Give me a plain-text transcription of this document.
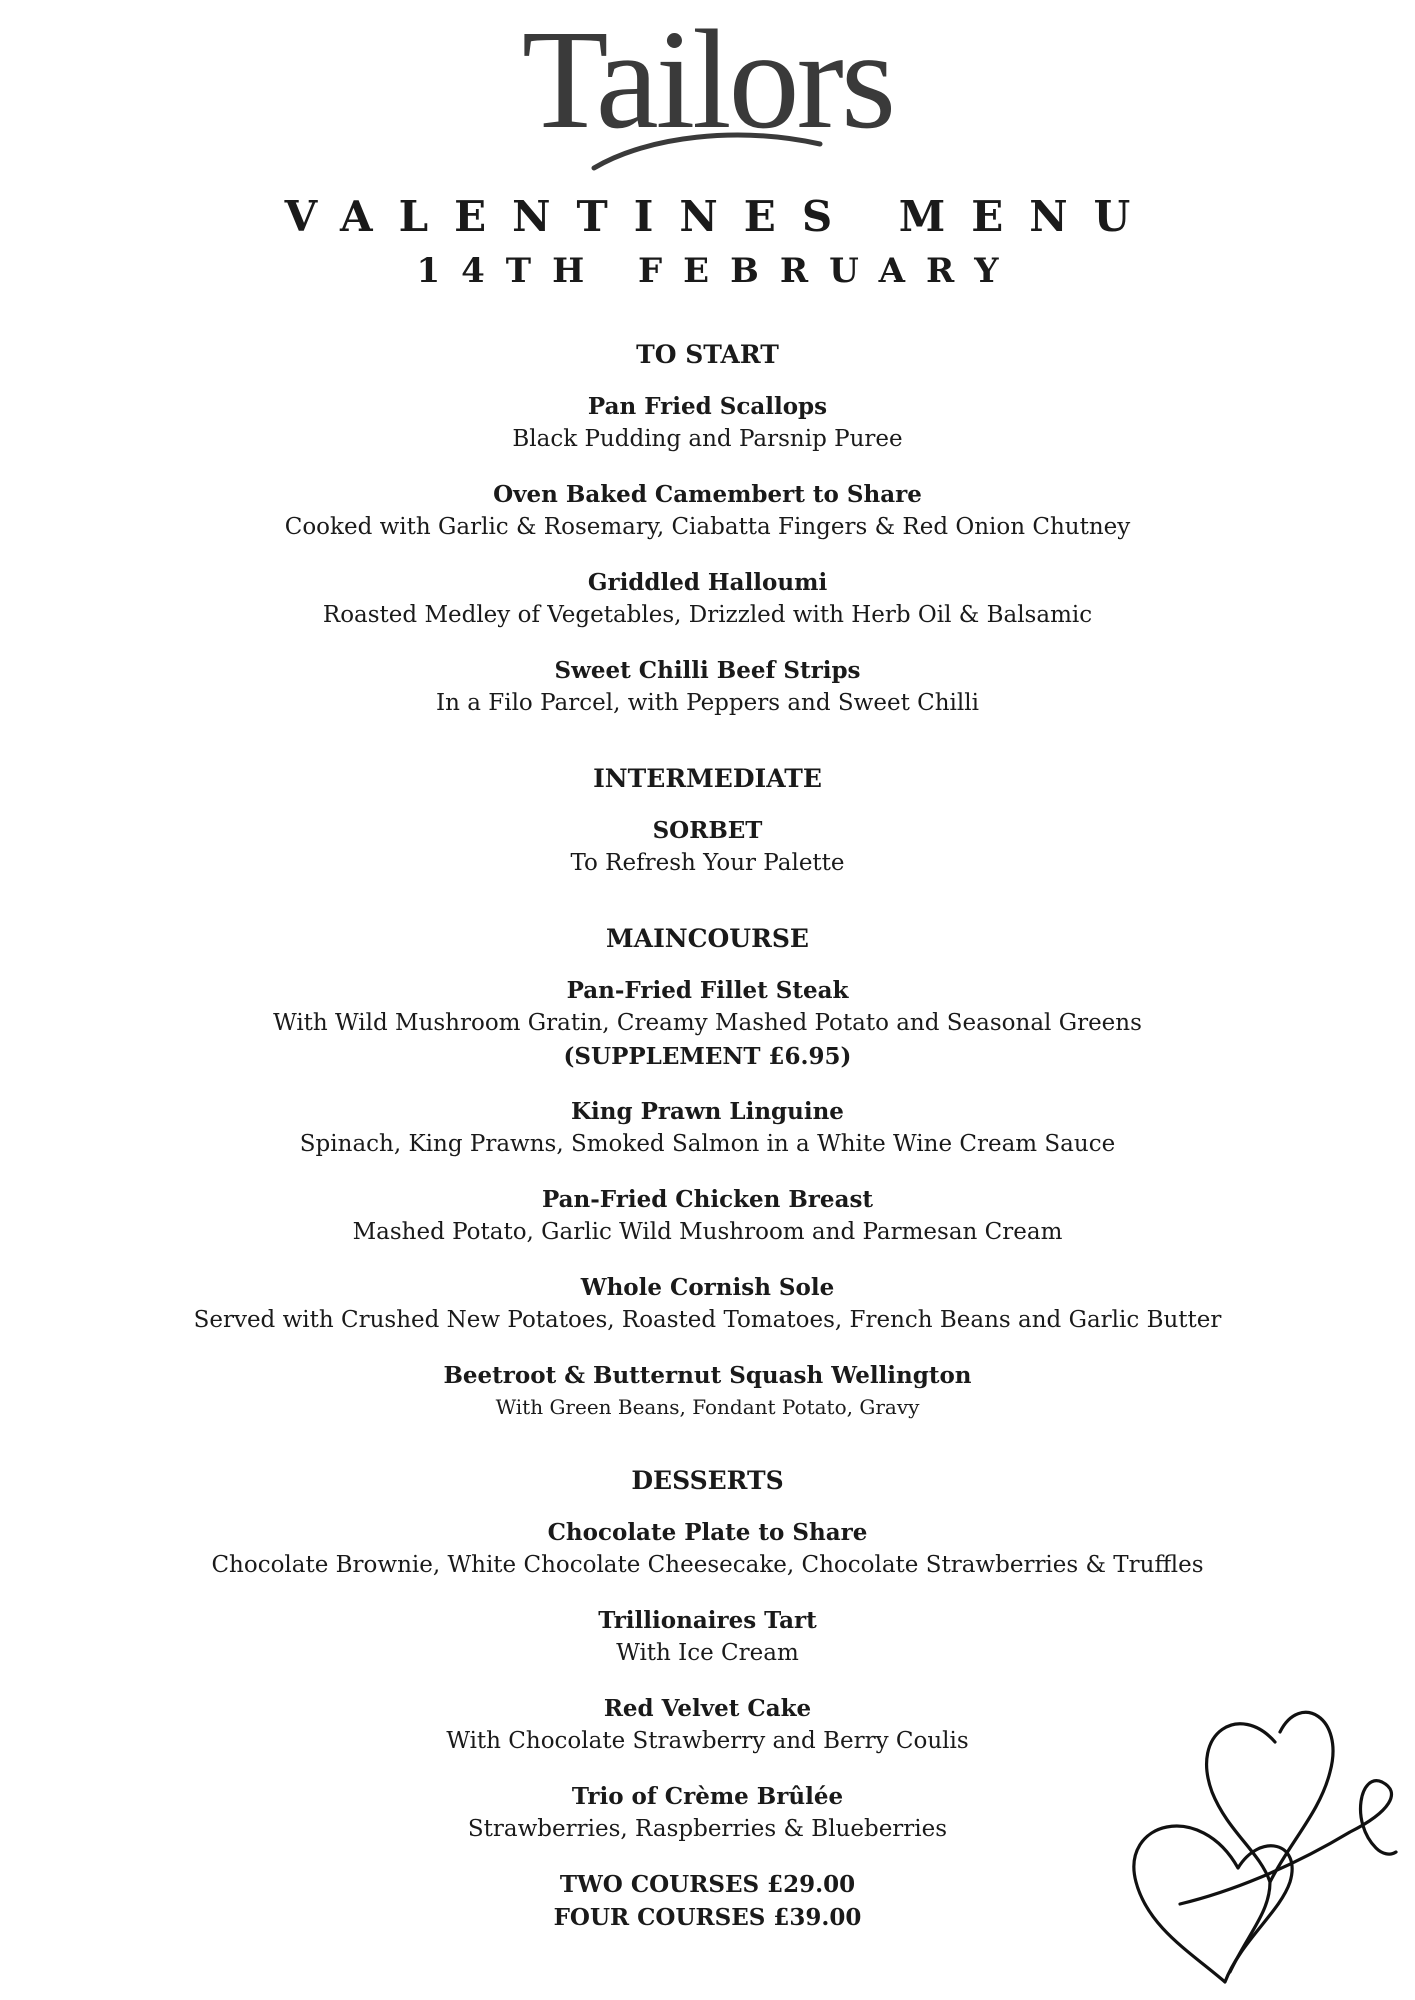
Tailors
VALENTINES MENU
14TH FEBRUARY
TO START
Pan Fried Scallops
Black Pudding and Parsnip Puree
Oven Baked Camembert to Share
Cooked with Garlic & Rosemary, Ciabatta Fingers & Red Onion Chutney
Griddled Halloumi
Roasted Medley of Vegetables, Drizzled with Herb Oil & Balsamic
Sweet Chilli Beef Strips
In a Filo Parcel, with Peppers and Sweet Chilli
INTERMEDIATE
SORBET
To Refresh Your Palette
MAINCOURSE
Pan-Fried Fillet Steak
With Wild Mushroom Gratin, Creamy Mashed Potato and Seasonal Greens
(SUPPLEMENT £6.95)
King Prawn Linguine
Spinach, King Prawns, Smoked Salmon in a White Wine Cream Sauce
Pan-Fried Chicken Breast
Mashed Potato, Garlic Wild Mushroom and Parmesan Cream
Whole Cornish Sole
Served with Crushed New Potatoes, Roasted Tomatoes, French Beans and Garlic Butter
Beetroot & Butternut Squash Wellington
With Green Beans, Fondant Potato, Gravy
DESSERTS
Chocolate Plate to Share
Chocolate Brownie, White Chocolate Cheesecake, Chocolate Strawberries & Truffles
Trillionaires Tart
With Ice Cream
Red Velvet Cake
With Chocolate Strawberry and Berry Coulis
Trio of Crème Brûlée
Strawberries, Raspberries & Blueberries
TWO COURSES £29.00
FOUR COURSES £39.00
